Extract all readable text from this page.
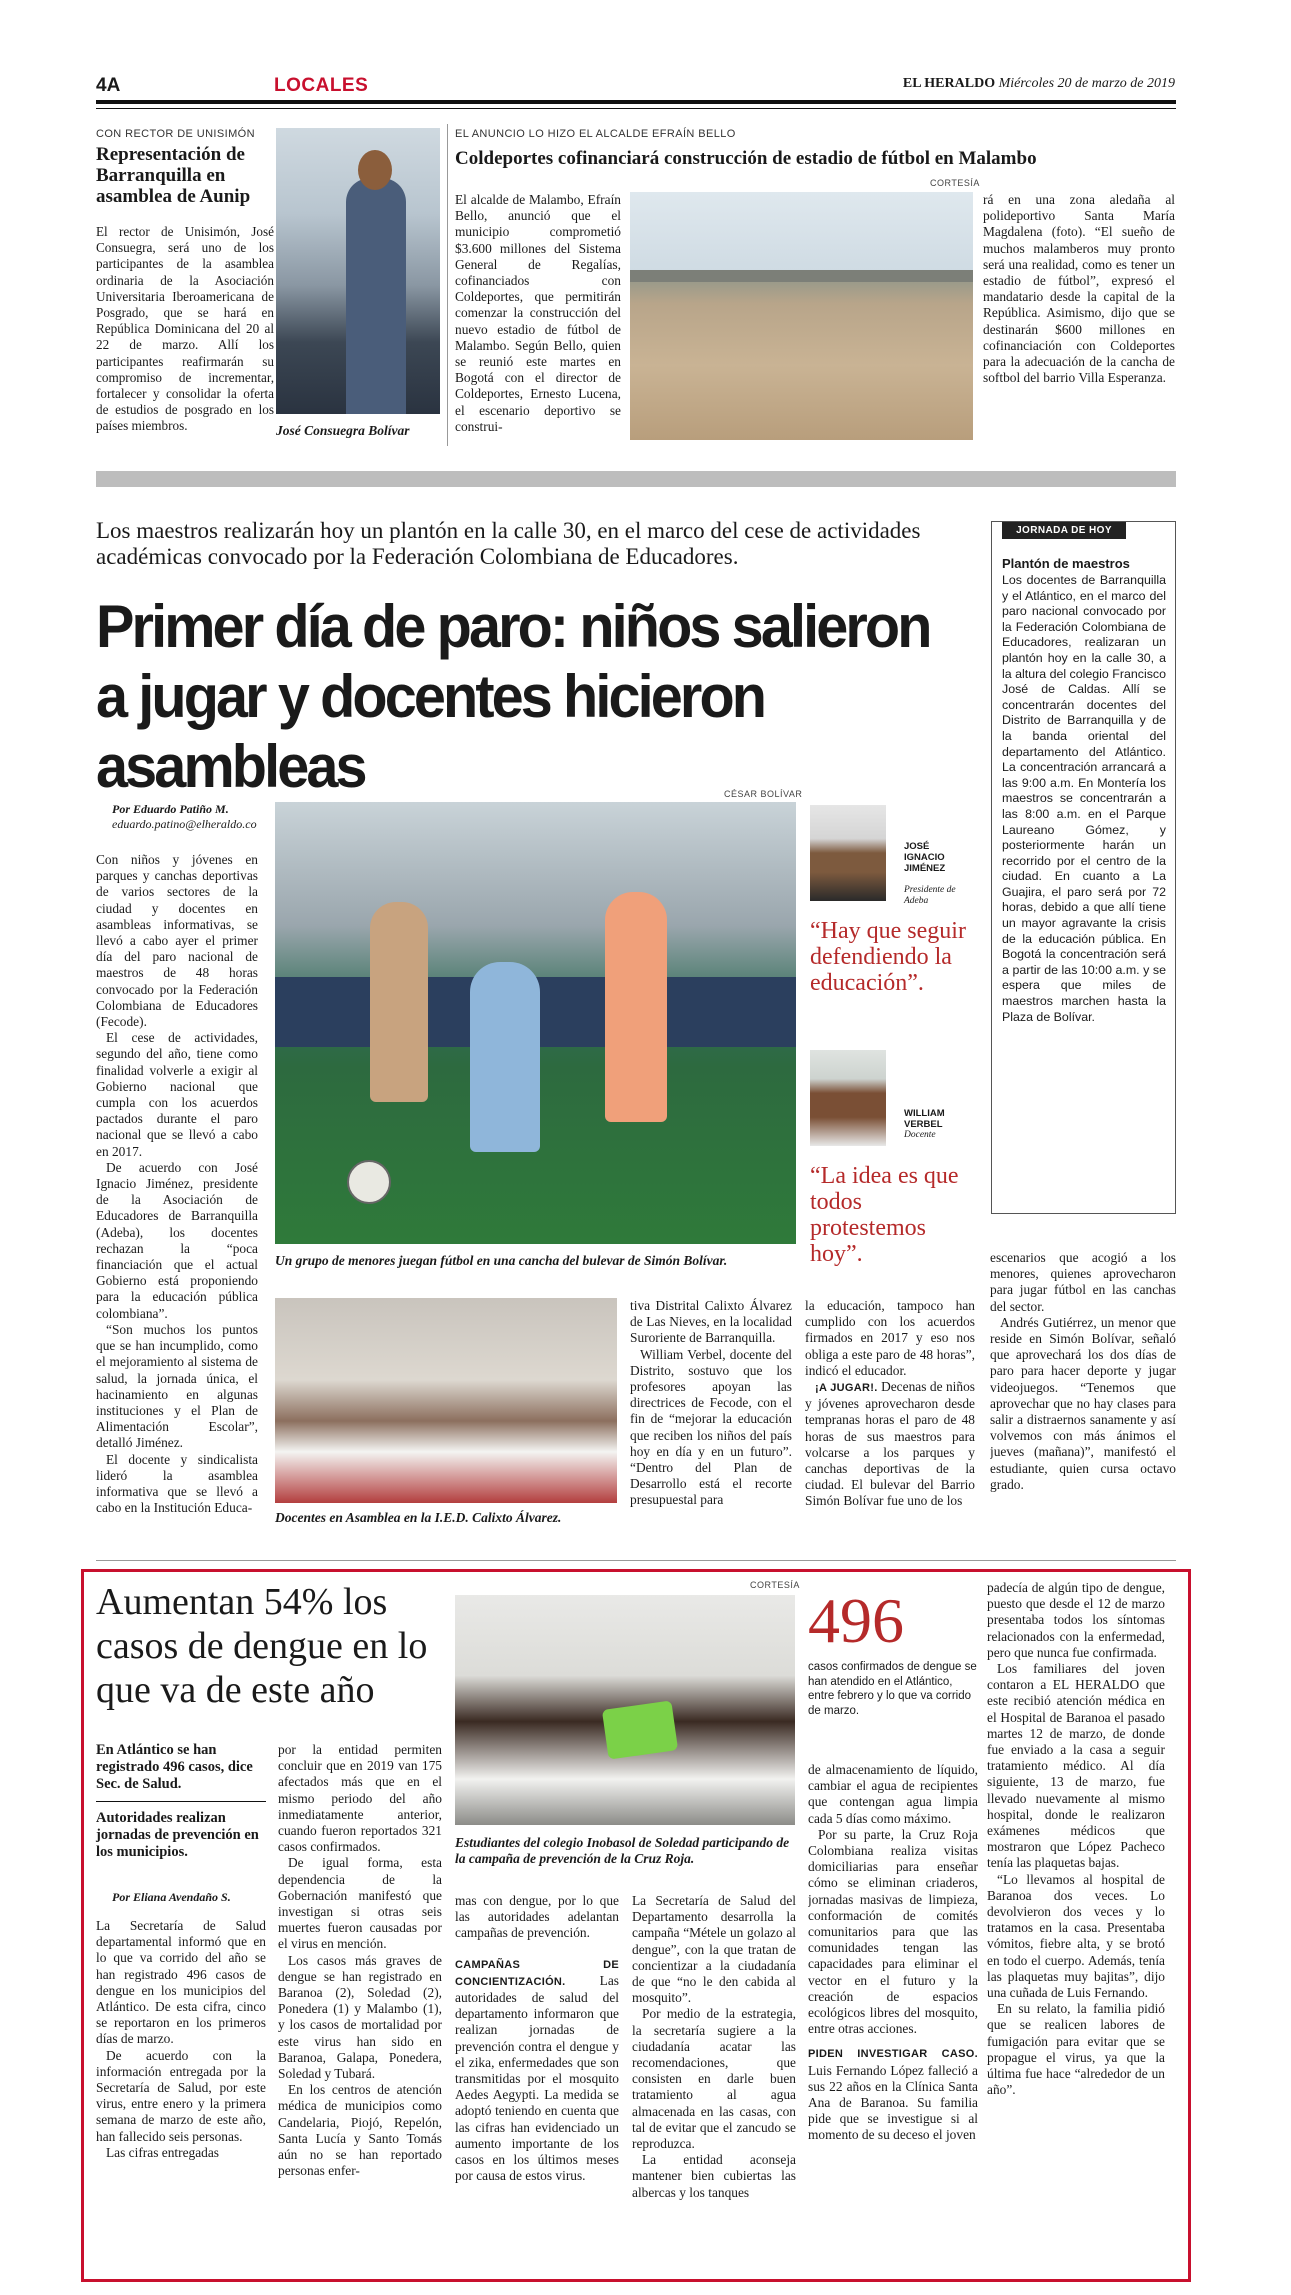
4A	LOCALES	EL HERALDO Miércoles 20 de marzo de 2019
CON RECTOR DE UNISIMÓN
Representación de Barranquilla en asamblea de Aunip

El rector de Unisimón, José Consuegra, será uno de los participantes de la asamblea ordinaria de la Asociación Universitaria Iberoamericana de Posgrado, que se hará en República Dominicana del 20 al 22 de marzo. Allí los participantes reafirmarán su compromiso de incrementar, fortalecer y consolidar la oferta de estudios de posgrado en los países miembros.	José Consuegra Bolívar
EL ANUNCIO LO HIZO EL ALCALDE EFRAÍN BELLO
Coldeportes cofinanciará construcción de estadio de fútbol en Malambo
CORTESÍA

El alcalde de Malambo, Efraín Bello, anunció que el municipio comprometió $3.600 millones del Sistema General de Regalías, cofinanciados con Coldeportes, que permitirán comenzar la construcción del nuevo estadio de fútbol de Malambo. Según Bello, quien se reunió este martes en Bogotá con el director de Coldeportes, Ernesto Lucena, el escenario deportivo se construi-

rá en una zona aledaña al polideportivo Santa María Magdalena (foto). “El sueño de muchos malamberos muy pronto será una realidad, como es tener un estadio de fútbol”, expresó el mandatario desde la capital de la República. Asimismo, dijo que se destinarán $600 millones en cofinanciación con Coldeportes para la adecuación de la cancha de softbol del barrio Villa Esperanza.

Los maestros realizarán hoy un plantón en la calle 30, en el marco del cese de actividades académicas convocado por la Federación Colombiana de Educadores.
Primer día de paro: niños salieron a jugar y docentes hicieron asambleas
Por Eduardo Patiño M.
eduardo.patino@elheraldo.co

Con niños y jóvenes en parques y canchas deportivas de varios sectores de la ciudad y docentes en asambleas informativas, se llevó a cabo ayer el primer día del paro nacional de maestros de 48 horas convocado por la Federación Colombiana de Educadores (Fecode).

El cese de actividades, segundo del año, tiene como finalidad volverle a exigir al Gobierno nacional que cumpla con los acuerdos pactados durante el paro nacional que se llevó a cabo en 2017.

De acuerdo con José Ignacio Jiménez, presidente de la Asociación de Educadores de Barranquilla (Adeba), los docentes rechazan la “poca financiación que el actual Gobierno está proponiendo para la educación pública colombiana”.

“Son muchos los puntos que se han incumplido, como el mejoramiento al sistema de salud, la jornada única, el hacinamiento en algunas instituciones y el Plan de Alimentación Escolar”, detalló Jiménez.

El docente y sindicalista lideró la asamblea informativa que se llevó a cabo en la Institución Educa-

CÉSAR BOLÍVAR
Un grupo de menores juegan fútbol en una cancha del bulevar de Simón Bolívar.
JOSÉ IGNACIO JIMÉNEZ
Presidente de Adeba
“Hay que seguir defendiendo la educación”.
WILLIAM VERBEL
Docente
“La idea es que todos protestemos hoy”.
JORNADA DE HOY
Plantón de maestros

Los docentes de Barranquilla y el Atlántico, en el marco del paro nacional convocado por la Federación Colombiana de Educadores, realizaran un plantón hoy en la calle 30, a la altura del colegio Francisco José de Caldas. Allí se concentrarán docentes del Distrito de Barranquilla y de la banda oriental del departamento del Atlántico. La concentración arrancará a las 9:00 a.m. En Montería los maestros se concentrarán a las 8:00 a.m. en el Parque Laureano Gómez, y posteriormente harán un recorrido por el centro de la ciudad. En cuanto a La Guajira, el paro será por 72 horas, debido a que allí tiene un mayor agravante la crisis de la educación pública. En Bogotá la concentración será a partir de las 10:00 a.m. y se espera que miles de maestros marchen hasta la Plaza de Bolívar.

Docentes en Asamblea en la I.E.D. Calixto Álvarez.

tiva Distrital Calixto Álvarez de Las Nieves, en la localidad Suroriente de Barranquilla.

William Verbel, docente del Distrito, sostuvo que los profesores apoyan las directrices de Fecode, con el fin de “mejorar la educación que reciben los niños del país hoy en día y en un futuro”. “Dentro del Plan de Desarrollo está el recorte presupuestal para

la educación, tampoco han cumplido con los acuerdos firmados en 2017 y eso nos obliga a este paro de 48 horas”, indicó el educador.

¡A JUGAR!. Decenas de niños y jóvenes aprovecharon desde tempranas horas el paro de 48 horas de sus maestros para volcarse a los parques y canchas deportivas de la ciudad. El bulevar del Barrio Simón Bolívar fue uno de los

escenarios que acogió a los menores, quienes aprovecharon para jugar fútbol en las canchas del sector.

Andrés Gutiérrez, un menor que reside en Simón Bolívar, señaló que aprovechará los dos días de paro para hacer deporte y jugar videojuegos. “Tenemos que aprovechar que no hay clases para salir a distraernos sanamente y así volvemos con más ánimos el jueves (mañana)”, manifestó el estudiante, quien cursa octavo grado.

Aumentan 54% los casos de dengue en lo que va de este año
En Atlántico se han registrado 496 casos, dice Sec. de Salud.
Autoridades realizan jornadas de prevención en los municipios.
Por Eliana Avendaño S.

La Secretaría de Salud departamental informó que en lo que va corrido del año se han registrado 496 casos de dengue en los municipios del Atlántico. De esta cifra, cinco se reportaron en los primeros días de marzo.

De acuerdo con la información entregada por la Secretaría de Salud, por este virus, entre enero y la primera semana de marzo de este año, han fallecido seis personas.

Las cifras entregadas

por la entidad permiten concluir que en 2019 van 175 afectados más que en el mismo periodo del año inmediatamente anterior, cuando fueron reportados 321 casos confirmados.

De igual forma, esta dependencia de la Gobernación manifestó que investigan si otras seis muertes fueron causadas por el virus en mención.

Los casos más graves de dengue se han registrado en Baranoa (2), Soledad (2), Ponedera (1) y Malambo (1), y los casos de mortalidad por este virus han sido en Baranoa, Galapa, Ponedera, Soledad y Tubará.

En los centros de atención médica de municipios como Candelaria, Piojó, Repelón, Santa Lucía y Santo Tomás aún no se han reportado personas enfer-

CORTESÍA
Estudiantes del colegio Inobasol de Soledad participando de la campaña de prevención de la Cruz Roja.

mas con dengue, por lo que las autoridades adelantan campañas de prevención.

CAMPAÑAS DE CONCIENTIZACIÓN.	Las autoridades de salud del departamento informaron que realizan jornadas de prevención contra el dengue y el zika, enfermedades que son transmitidas por el mosquito Aedes Aegypti. La medida se adoptó teniendo en cuenta que las cifras han evidenciado un aumento importante de los casos en los últimos meses por causa de estos virus.

La Secretaría de Salud del Departamento desarrolla la campaña “Métele un golazo al dengue”, con la que tratan de concientizar a la ciudadanía de que “no le den cabida al mosquito”.

Por medio de la estrategia, la secretaría sugiere a la ciudadanía acatar las recomendaciones, que consisten en darle buen tratamiento al agua almacenada en las casas, con tal de evitar que el zancudo se reproduzca.

La entidad aconseja mantener bien cubiertas las albercas y los tanques

496
casos confirmados de dengue se han atendido en el Atlántico, entre febrero y lo que va corrido de marzo.

de almacenamiento de líquido, cambiar el agua de recipientes que contengan agua limpia cada 5 días como máximo.

Por su parte, la Cruz Roja Colombiana realiza visitas domiciliarias para enseñar cómo se eliminan criaderos, jornadas masivas de limpieza, conformación de comités comunitarios para que las comunidades tengan las capacidades para eliminar el vector en el futuro y la creación de espacios ecológicos libres del mosquito, entre otras acciones.

PIDEN INVESTIGAR CASO. Luis Fernando López falleció a sus 22 años en la Clínica Santa Ana de Baranoa. Su familia pide que se investigue si al momento de su deceso el joven

padecía de algún tipo de dengue, puesto que desde el 12 de marzo presentaba todos los síntomas relacionados con la enfermedad, pero que nunca fue confirmada.

Los familiares del joven contaron a EL HERALDO que este recibió atención médica en el Hospital de Baranoa el pasado martes 12 de marzo, de donde fue enviado a la casa a seguir tratamiento médico. Al día siguiente, 13 de marzo, fue llevado nuevamente al mismo hospital, donde le realizaron exámenes médicos que mostraron que López Pacheco tenía las plaquetas bajas.

“Lo llevamos al hospital de Baranoa dos veces. Lo devolvieron dos veces y lo tratamos en la casa. Presentaba vómitos, fiebre alta, y se brotó en todo el cuerpo. Además, tenía las plaquetas muy bajitas”, dijo una cuñada de Luis Fernando.

En su relato, la familia pidió que se realicen labores de fumigación para evitar que se propague el virus, ya que la última fue hace “alrededor de un año”.
